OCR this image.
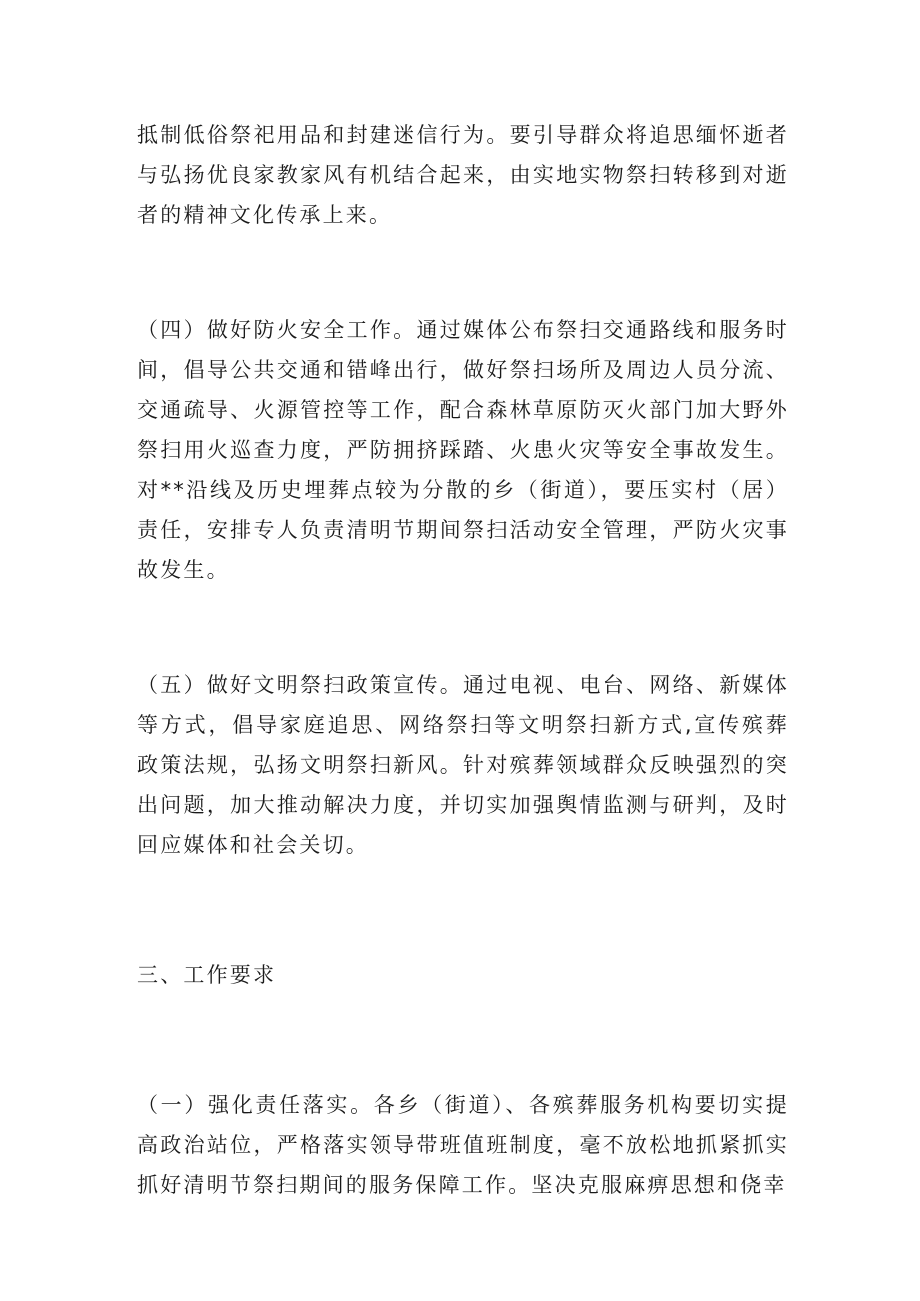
抵制低俗祭祀用品和封建迷信行为。要引导群众将追思缅怀逝者与弘扬优良家教家风有机结合起来，由实地实物祭扫转移到对逝者的精神文化传承上来。

（四）做好防火安全工作。通过媒体公布祭扫交通路线和服务时间，倡导公共交通和错峰出行，做好祭扫场所及周边人员分流、交通疏导、火源管控等工作，配合森林草原防灭火部门加大野外祭扫用火巡查力度，严防拥挤踩踏、火患火灾等安全事故发生。对**沿线及历史埋葬点较为分散的乡（街道），要压实村（居）责任，安排专人负责清明节期间祭扫活动安全管理，严防火灾事故发生。

（五）做好文明祭扫政策宣传。通过电视、电台、网络、新媒体等方式，倡导家庭追思、网络祭扫等文明祭扫新方式,宣传殡葬政策法规，弘扬文明祭扫新风。针对殡葬领域群众反映强烈的突出问题，加大推动解决力度，并切实加强舆情监测与研判，及时回应媒体和社会关切。

三、工作要求

（一）强化责任落实。各乡（街道）、各殡葬服务机构要切实提高政治站位，严格落实领导带班值班制度，毫不放松地抓紧抓实抓好清明节祭扫期间的服务保障工作。坚决克服麻痹思想和侥幸
